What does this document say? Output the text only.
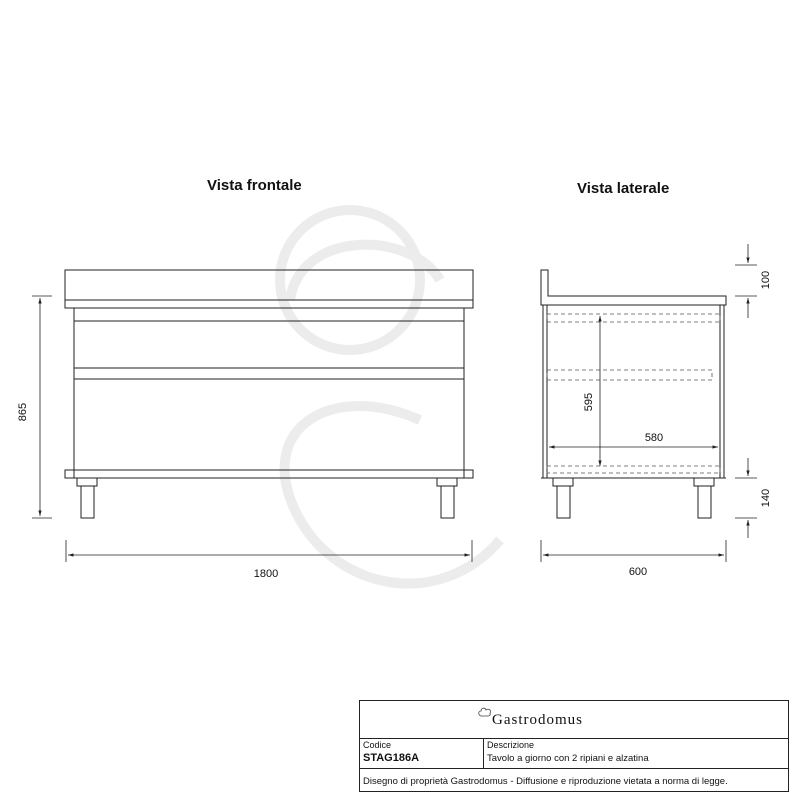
865
1800
100
595
580
140
600
Vista frontale	Vista laterale
Gastrodomus
Codice
STAG186A
Descrizione
Tavolo a giorno con 2 ripiani e alzatina
Disegno di proprietà Gastrodomus - Diffusione e riproduzione vietata a norma di legge.
